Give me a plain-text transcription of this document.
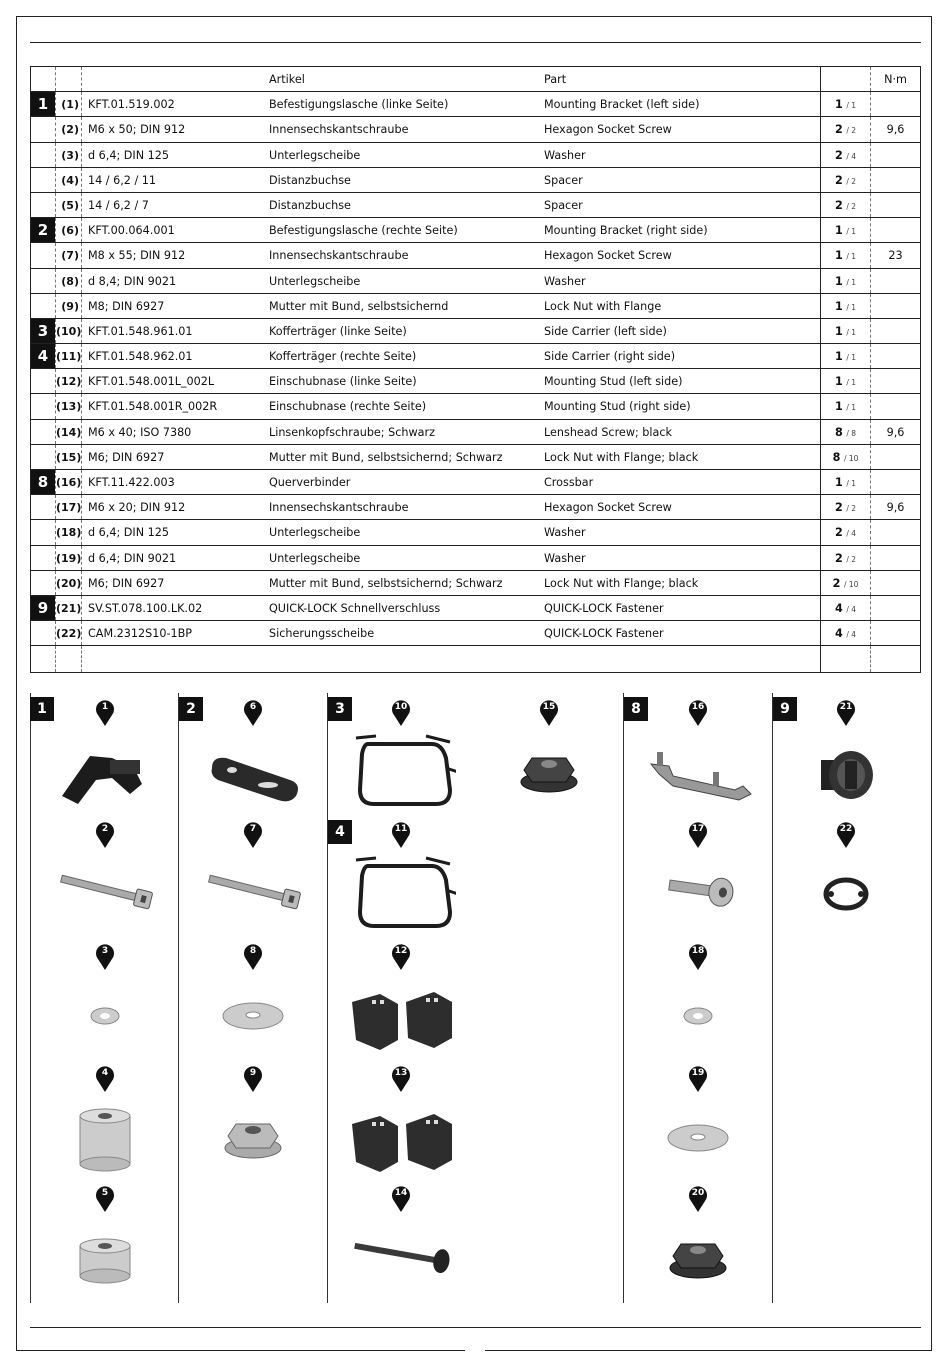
Artikel	Part	N·m
1	(1) KFT.01.519.002	Befestigungslasche (linke Seite)	Mounting Bracket (left side)	1 / 1
(2) M6 x 50; DIN 912	Innensechskantschraube	Hexagon Socket Screw	2 / 2	9,6
(3) d 6,4; DIN 125	Unterlegscheibe	Washer	2 / 4
(4) 14 / 6,2 / 11	Distanzbuchse	Spacer	2 / 2
(5) 14 / 6,2 / 7	Distanzbuchse	Spacer	2 / 2
2	(6) KFT.00.064.001	Befestigungslasche (rechte Seite)	Mounting Bracket (right side)	1 / 1
(7) M8 x 55; DIN 912	Innensechskantschraube	Hexagon Socket Screw	1 / 1	23
(8) d 8,4; DIN 9021	Unterlegscheibe	Washer	1 / 1
(9) M8; DIN 6927	Mutter mit Bund, selbstsichernd	Lock Nut with Flange	1 / 1
3 (10) KFT.01.548.961.01	Kofferträger (linke Seite)	Side Carrier (left side)	1 / 1
4 (11) KFT.01.548.962.01	Kofferträger (rechte Seite)	Side Carrier (right side)	1 / 1
(12) KFT.01.548.001L_002L	Einschubnase (linke Seite)	Mounting Stud (left side)	1 / 1
(13) KFT.01.548.001R_002R	Einschubnase (rechte Seite)	Mounting Stud (right side)	1 / 1
(14) M6 x 40; ISO 7380	Linsenkopfschraube; Schwarz	Lenshead Screw; black	8 / 8	9,6
(15) M6; DIN 6927	Mutter mit Bund, selbstsichernd; Schwarz	Lock Nut with Flange; black	8 / 10
8 (16) KFT.11.422.003	Querverbinder	Crossbar	1 / 1
(17) M6 x 20; DIN 912	Innensechskantschraube	Hexagon Socket Screw	2 / 2	9,6
(18) d 6,4; DIN 125	Unterlegscheibe	Washer	2 / 4
(19) d 6,4; DIN 9021	Unterlegscheibe	Washer	2 / 2
(20) M6; DIN 6927	Mutter mit Bund, selbstsichernd; Schwarz	Lock Nut with Flange; black	2 / 10
9 (21) SV.ST.078.100.LK.02	QUICK-LOCK Schnellverschluss	QUICK-LOCK Fastener	4 / 4
(22) CAM.2312S10-1BP	Sicherungsscheibe	QUICK-LOCK Fastener	4 / 4
1	2	3
4
8	9
1
2
3
4
5
6
7
8
9
10
11
12
13
14
15	16
17
18
19
20
21
22
